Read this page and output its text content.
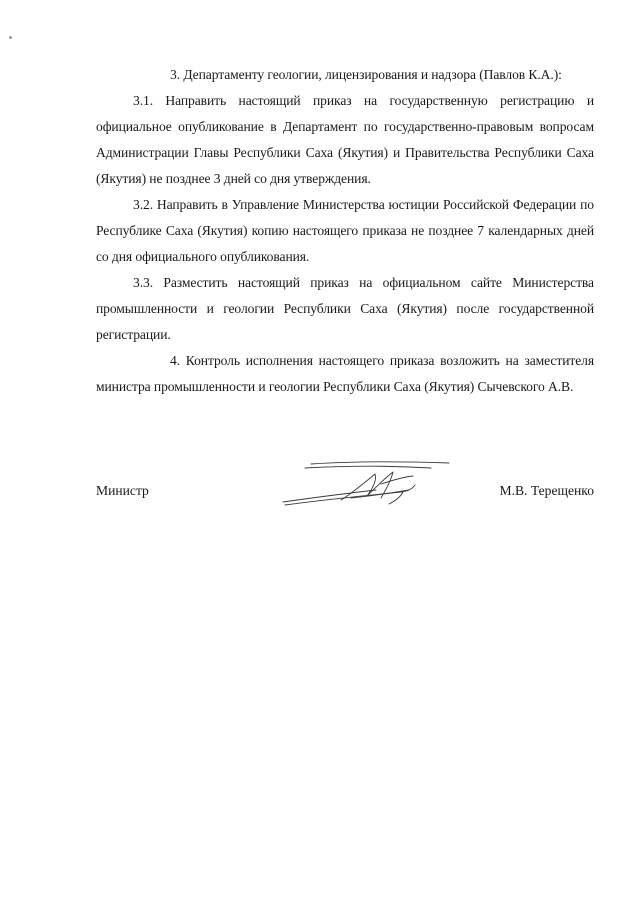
3. Департаменту геологии, лицензирования и надзора (Павлов К.А.):

3.1. Направить настоящий приказ на государственную регистрацию и официальное опубликование в Департамент по государственно-правовым вопросам Администрации Главы Республики Саха (Якутия) и Правительства Республики Саха (Якутия) не позднее 3 дней со дня утверждения.

3.2. Направить в Управление Министерства юстиции Российской Федерации по Республике Саха (Якутия) копию настоящего приказа не позднее 7 календарных дней со дня официального опубликования.

3.3. Разместить настоящий приказ на официальном сайте Министерства промышленности и геологии Республики Саха (Якутия) после государственной регистрации.

4. Контроль исполнения настоящего приказа возложить на заместителя министра промышленности и геологии Республики Саха (Якутия) Сычевского А.В.

Министр	М.В. Терещенко
